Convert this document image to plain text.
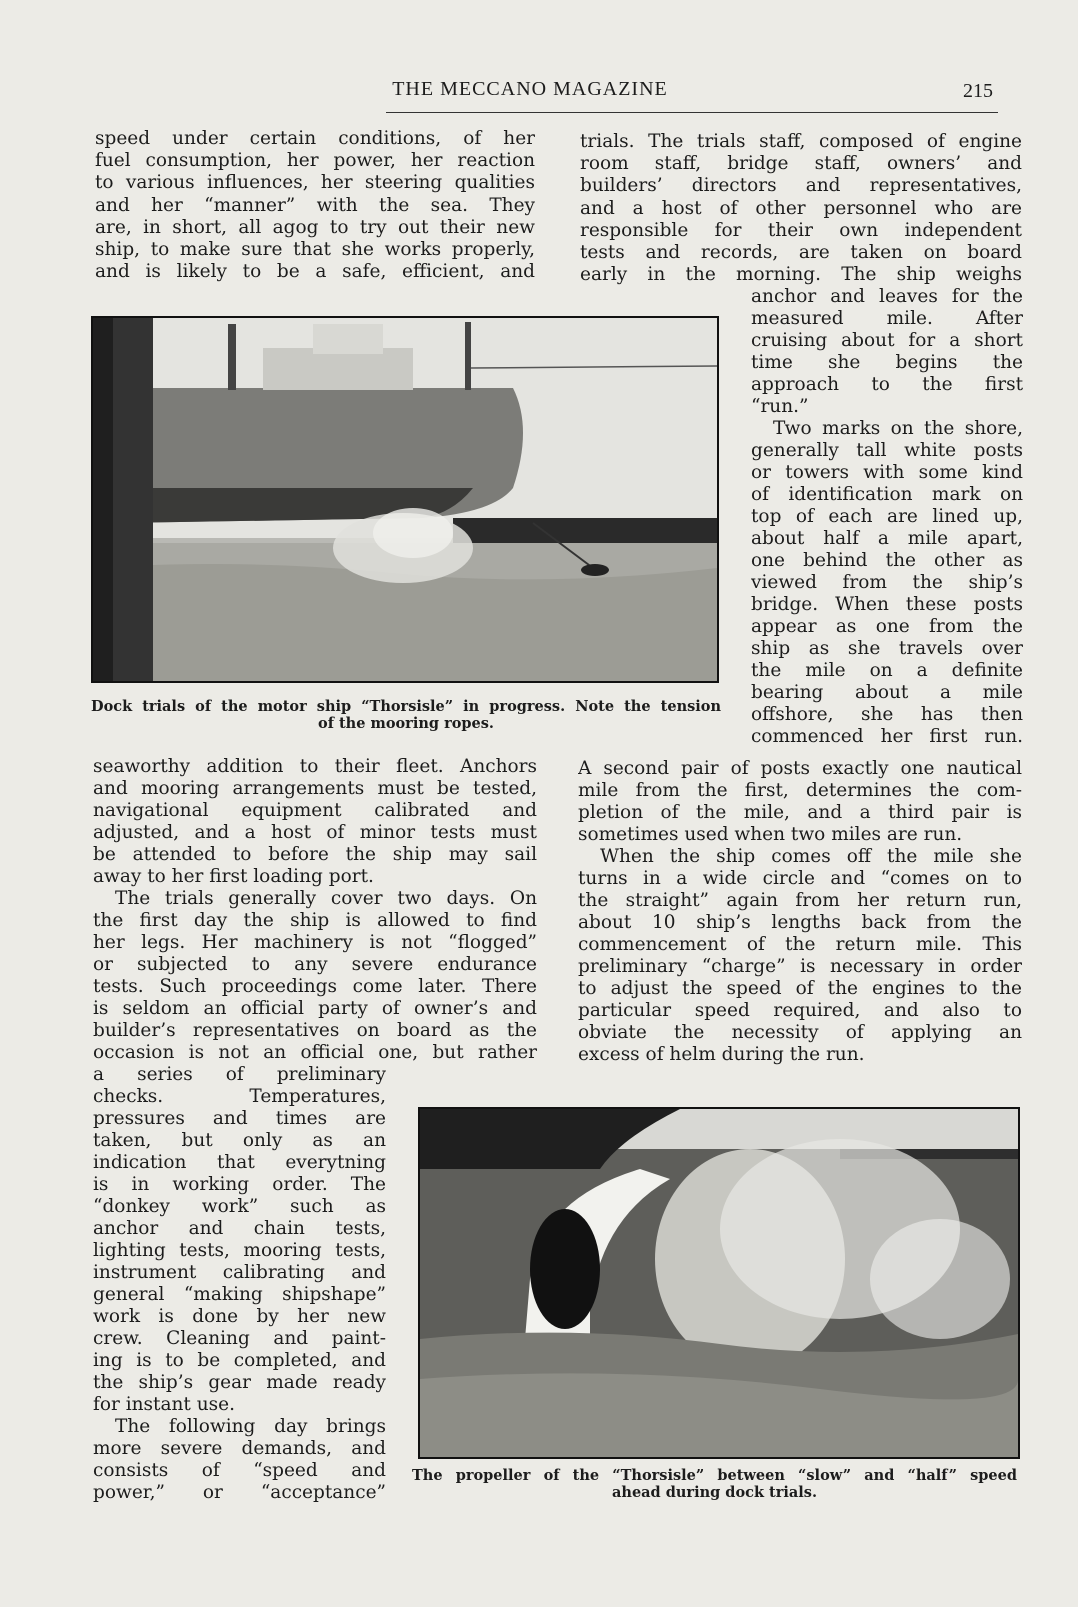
THE MECCANO MAGAZINE	215
speed under certain conditions, of her
fuel consumption, her power, her reaction
to various influences, her steering qualities
and her “manner” with the sea. They
are, in short, all agog to try out their new
ship, to make sure that she works properly,
and is likely to be a safe, efficient, and
trials. The trials staff, composed of engine
room staff, bridge staff, owners’ and
builders’ directors and representatives,
and a host of other personnel who are
responsible for their own independent
tests and records, are taken on board
early in the morning. The ship weighs
anchor and leaves for the
measured mile. After
cruising about for a short
time she begins the
approach to the first
“run.”
Two marks on the shore,
generally tall white posts
or towers with some kind
of identification mark on
top of each are lined up,
about half a mile apart,
one behind the other as
viewed from the ship’s
bridge. When these posts
appear as one from the
ship as she travels over
the mile on a definite
bearing about a mile
offshore, she has then
commenced her first run.
Dock trials of the motor ship “Thorsisle” in progress. Note the tension
of the mooring ropes.
seaworthy addition to their fleet. Anchors
and mooring arrangements must be tested,
navigational equipment calibrated and
adjusted, and a host of minor tests must
be attended to before the ship may sail
away to her first loading port.
The trials generally cover two days. On
the first day the ship is allowed to find
her legs. Her machinery is not “flogged”
or subjected to any severe endurance
tests. Such proceedings come later. There
is seldom an official party of owner’s and
builder’s representatives on board as the
occasion is not an official one, but rather
a series of preliminary
checks. Temperatures,
pressures and times are
taken, but only as an
indication that everytning
is in working order. The
“donkey work” such as
anchor and chain tests,
lighting tests, mooring tests,
instrument calibrating and
general “making shipshape”
work is done by her new
crew. Cleaning and paint-
ing is to be completed, and
the ship’s gear made ready
for instant use.
The following day brings
more severe demands, and
consists of “speed and
power,” or “acceptance”
A second pair of posts exactly one nautical
mile from the first, determines the com-
pletion of the mile, and a third pair is
sometimes used when two miles are run.
When the ship comes off the mile she
turns in a wide circle and “comes on to
the straight” again from her return run,
about 10 ship’s lengths back from the
commencement of the return mile. This
preliminary “charge” is necessary in order
to adjust the speed of the engines to the
particular speed required, and also to
obviate the necessity of applying an
excess of helm during the run.
The propeller of the “Thorsisle” between “slow” and “half” speed
ahead during dock trials.
